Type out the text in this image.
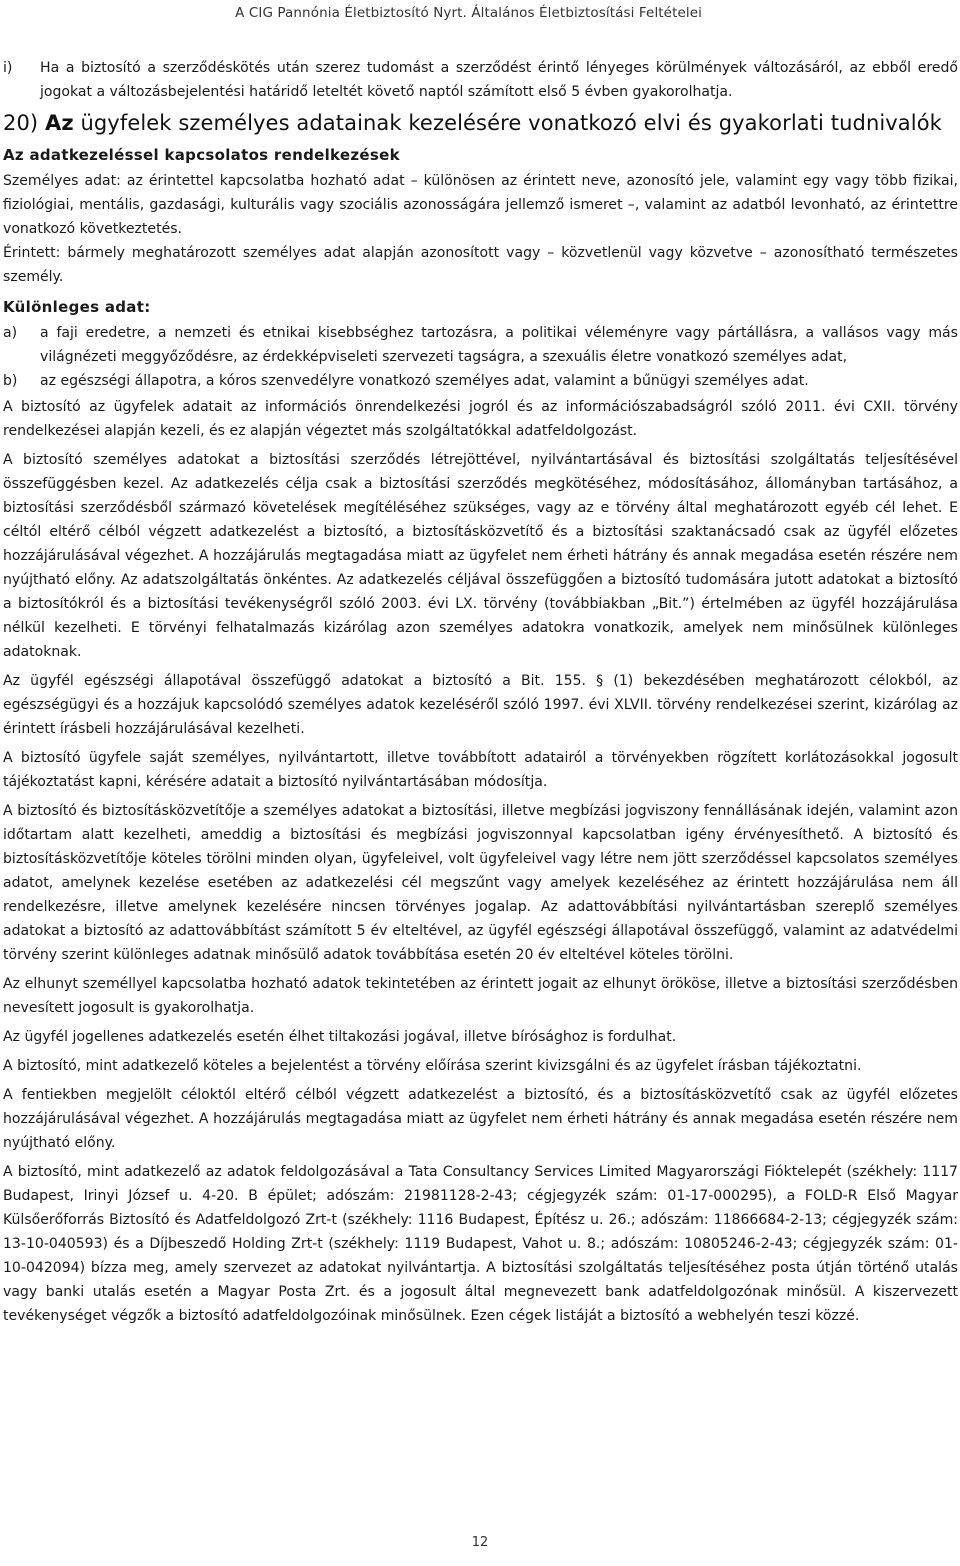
A CIG Pannónia Életbiztosító Nyrt. Általános Életbiztosítási Feltételei
i)	Ha a biztosító a szerződéskötés után szerez tudomást a szerződést érintő lényeges körülmények változásáról, az ebből eredő jogokat a változásbejelentési határidő leteltét követő naptól számított első 5 évben gyakorolhatja.
20) Az ügyfelek személyes adatainak kezelésére vonatkozó elvi és gyakorlati tudnivalók
Az adatkezeléssel kapcsolatos rendelkezések

Személyes adat: az érintettel kapcsolatba hozható adat – különösen az érintett neve, azonosító jele, valamint egy vagy több fizikai, fiziológiai, mentális, gazdasági, kulturális vagy szociális azonosságára jellemző ismeret –, valamint az adatból levonható, az érintettre vonatkozó következtetés.

Érintett: bármely meghatározott személyes adat alapján azonosított vagy – közvetlenül vagy közvetve – azonosítható természetes személy.

Különleges adat:
a)	a faji eredetre, a nemzeti és etnikai kisebbséghez tartozásra, a politikai véleményre vagy pártállásra, a vallásos vagy más világnézeti meggyőződésre, az érdekképviseleti szervezeti tagságra, a szexuális életre vonatkozó személyes adat,
b)	az egészségi állapotra, a kóros szenvedélyre vonatkozó személyes adat, valamint a bűnügyi személyes adat.

A biztosító az ügyfelek adatait az információs önrendelkezési jogról és az információszabadságról szóló 2011. évi CXII. törvény rendelkezései alapján kezeli, és ez alapján végeztet más szolgáltatókkal adatfeldolgozást.

A biztosító személyes adatokat a biztosítási szerződés létrejöttével, nyilvántartásával és biztosítási szolgáltatás teljesítésével összefüggésben kezel. Az adatkezelés célja csak a biztosítási szerződés megkötéséhez, módosításához, állományban tartásához, a biztosítási szerződésből származó követelések megítéléséhez szükséges, vagy az e törvény által meghatározott egyéb cél lehet. E céltól eltérő célból végzett adatkezelést a biztosító, a biztosításközvetítő és a biztosítási szaktanácsadó csak az ügyfél előzetes hozzájárulásával végezhet. A hozzájárulás megtagadása miatt az ügyfelet nem érheti hátrány és annak megadása esetén részére nem nyújtható előny. Az adatszolgáltatás önkéntes. Az adatkezelés céljával összefüggően a biztosító tudomására jutott adatokat a biztosító a biztosítókról és a biztosítási tevékenységről szóló 2003. évi LX. törvény (továbbiakban „Bit.”) értelmében az ügyfél hozzájárulása nélkül kezelheti. E törvényi felhatalmazás kizárólag azon személyes adatokra vonatkozik, amelyek nem minősülnek különleges adatoknak.

Az ügyfél egészségi állapotával összefüggő adatokat a biztosító a Bit. 155. § (1) bekezdésében meghatározott célokból, az egészségügyi és a hozzájuk kapcsolódó személyes adatok kezeléséről szóló 1997. évi XLVII. törvény rendelkezései szerint, kizárólag az érintett írásbeli hozzájárulásával kezelheti.

A biztosító ügyfele saját személyes, nyilvántartott, illetve továbbított adatairól a törvényekben rögzített korlátozásokkal jogosult tájékoztatást kapni, kérésére adatait a biztosító nyilvántartásában módosítja.

A biztosító és biztosításközvetítője a személyes adatokat a biztosítási, illetve megbízási jogviszony fennállásának idején, valamint azon időtartam alatt kezelheti, ameddig a biztosítási és megbízási jogviszonnyal kapcsolatban igény érvényesíthető. A biztosító és biztosításközvetítője köteles törölni minden olyan, ügyfeleivel, volt ügyfeleivel vagy létre nem jött szerződéssel kapcsolatos személyes adatot, amelynek kezelése esetében az adatkezelési cél megszűnt vagy amelyek kezeléséhez az érintett hozzájárulása nem áll rendelkezésre, illetve amelynek kezelésére nincsen törvényes jogalap. Az adattovábbítási nyilvántartásban szereplő személyes adatokat a biztosító az adattovábbítást számított 5 év elteltével, az ügyfél egészségi állapotával összefüggő, valamint az adatvédelmi törvény szerint különleges adatnak minősülő adatok továbbítása esetén 20 év elteltével köteles törölni.

Az elhunyt személlyel kapcsolatba hozható adatok tekintetében az érintett jogait az elhunyt örököse, illetve a biztosítási szerződésben nevesített jogosult is gyakorolhatja.

Az ügyfél jogellenes adatkezelés esetén élhet tiltakozási jogával, illetve bírósághoz is fordulhat.

A biztosító, mint adatkezelő köteles a bejelentést a törvény előírása szerint kivizsgálni és az ügyfelet írásban tájékoztatni.

A fentiekben megjelölt céloktól eltérő célból végzett adatkezelést a biztosító, és a biztosításközvetítő csak az ügyfél előzetes hozzájárulásával végezhet. A hozzájárulás megtagadása miatt az ügyfelet nem érheti hátrány és annak megadása esetén részére nem nyújtható előny.

A biztosító, mint adatkezelő az adatok feldolgozásával a Tata Consultancy Services Limited Magyarországi Fióktelepét (székhely: 1117 Budapest, Irinyi József u. 4-20. B épület; adószám: 21981128-2-43; cégjegyzék szám: 01-17-000295), a FOLD-R Első Magyar Külsőerőforrás Biztosító és Adatfeldolgozó Zrt-t (székhely: 1116 Budapest, Építész u. 26.; adószám: 11866684-2-13; cégjegyzék szám: 13-10-040593) és a Díjbeszedő Holding Zrt-t (székhely: 1119 Budapest, Vahot u. 8.; adószám: 10805246-2-43; cégjegyzék szám: 01-10-042094) bízza meg, amely szervezet az adatokat nyilvántartja. A biztosítási szolgáltatás teljesítéséhez posta útján történő utalás vagy banki utalás esetén a Magyar Posta Zrt. és a jogosult által megnevezett bank adatfeldolgozónak minősül. A kiszervezett tevékenységet végzők a biztosító adatfeldolgozóinak minősülnek. Ezen cégek listáját a biztosító a webhelyén teszi közzé.

12
